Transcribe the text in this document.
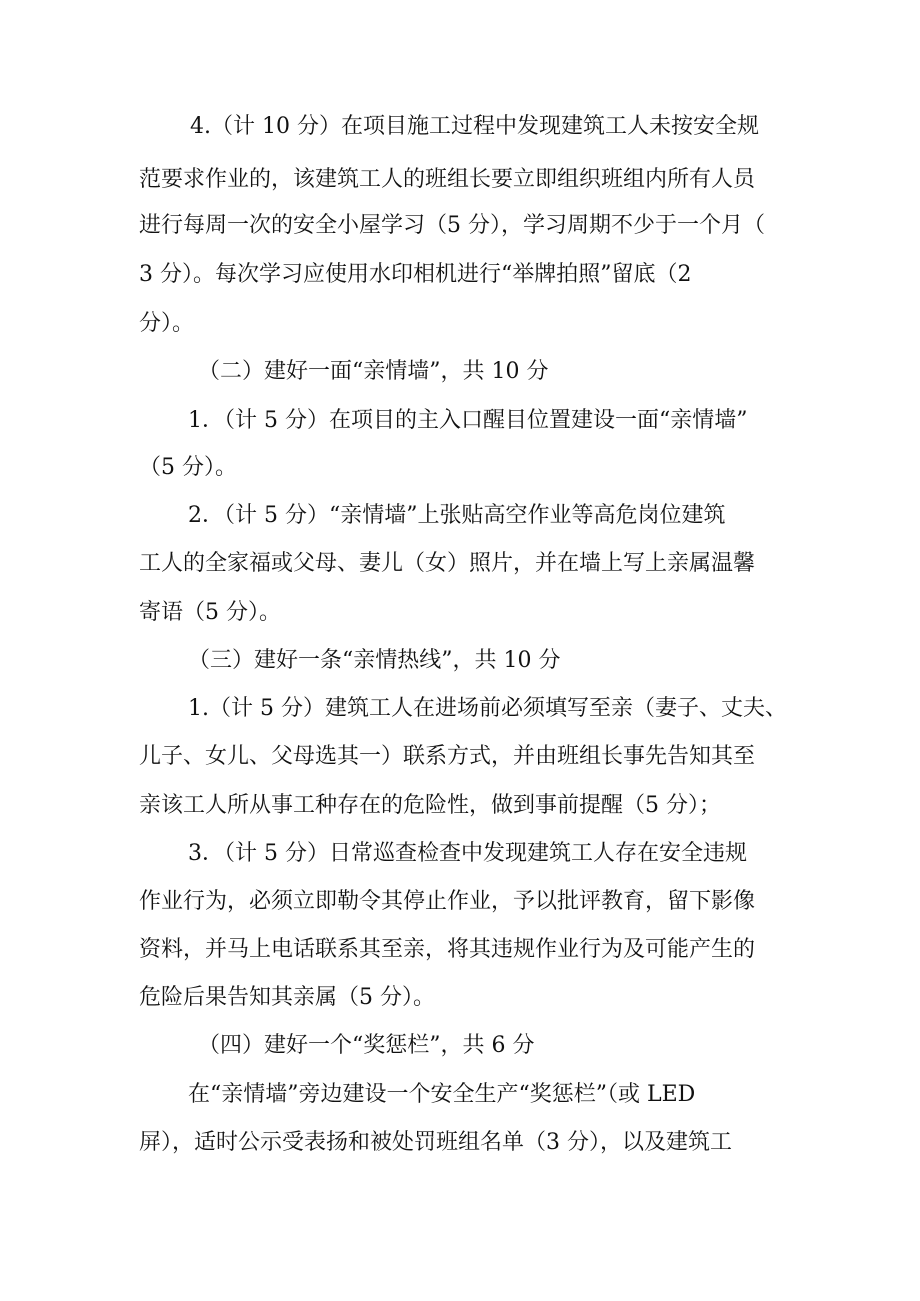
4.（计 10 分）在项目施工过程中发现建筑工人未按安全规
范要求作业的，该建筑工人的班组长要立即组织班组内所有人员
进行每周一次的安全小屋学习（5 分），学习周期不少于一个月（
3 分）。每次学习应使用水印相机进行“举牌拍照”留底（2
分）。
（二）建好一面“亲情墙”，共 10 分
1．（计 5 分）在项目的主入口醒目位置建设一面“亲情墙”
（5 分）。
2．（计 5 分）“亲情墙”上张贴高空作业等高危岗位建筑
工人的全家福或父母、妻儿（女）照片，并在墙上写上亲属温馨
寄语（5 分）。
（三）建好一条“亲情热线”，共 10 分
1.（计 5 分）建筑工人在进场前必须填写至亲（妻子、丈夫、
儿子、女儿、父母选其一）联系方式，并由班组长事先告知其至
亲该工人所从事工种存在的危险性，做到事前提醒（5 分）；
3．（计 5 分）日常巡查检查中发现建筑工人存在安全违规
作业行为，必须立即勒令其停止作业，予以批评教育，留下影像
资料，并马上电话联系其至亲，将其违规作业行为及可能产生的
危险后果告知其亲属（5 分）。
（四）建好一个“奖惩栏”，共 6 分
在“亲情墙”旁边建设一个安全生产“奖惩栏”（或 LED
屏），适时公示受表扬和被处罚班组名单（3 分），以及建筑工
